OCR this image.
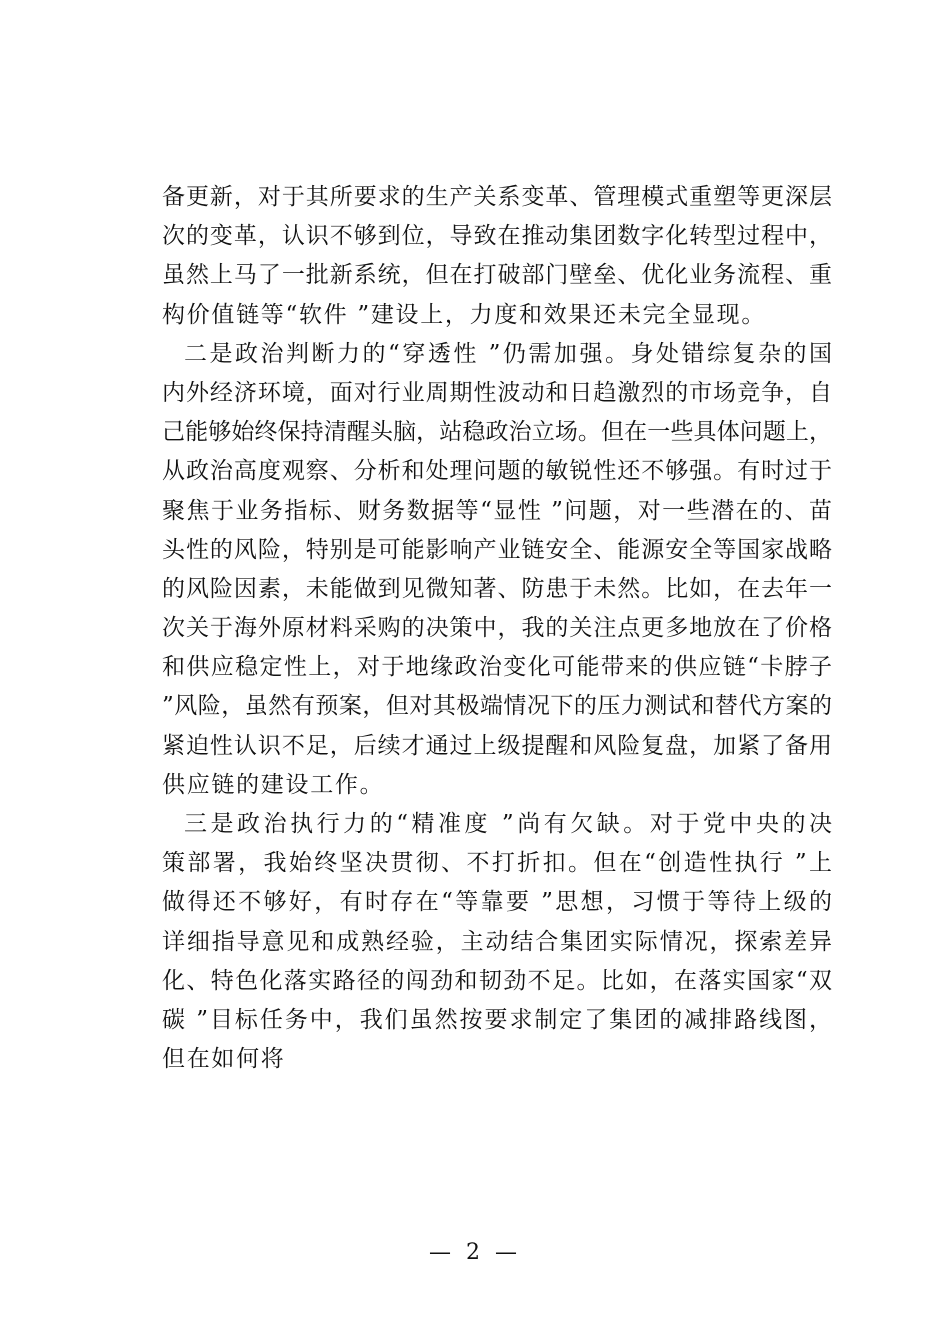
备更新，对于其所要求的生产关系变革、管理模式重塑等更深层
次的变革，认识不够到位，导致在推动集团数字化转型过程中，
虽然上马了一批新系统，但在打破部门壁垒、优化业务流程、重
构价值链等“软件 ”建设上，力度和效果还未完全显现。
二是政治判断力的“穿透性 ”仍需加强。身处错综复杂的国
内外经济环境，面对行业周期性波动和日趋激烈的市场竞争，自
己能够始终保持清醒头脑，站稳政治立场。但在一些具体问题上，
从政治高度观察、分析和处理问题的敏锐性还不够强。有时过于
聚焦于业务指标、财务数据等“显性 ”问题，对一些潜在的、苗
头性的风险，特别是可能影响产业链安全、能源安全等国家战略
的风险因素，未能做到见微知著、防患于未然。比如，在去年一
次关于海外原材料采购的决策中，我的关注点更多地放在了价格
和供应稳定性上，对于地缘政治变化可能带来的供应链“卡脖子
”风险，虽然有预案，但对其极端情况下的压力测试和替代方案的
紧迫性认识不足，后续才通过上级提醒和风险复盘，加紧了备用
供应链的建设工作。
三是政治执行力的“精准度 ”尚有欠缺。对于党中央的决
策部署，我始终坚决贯彻、不打折扣。但在“创造性执行 ”上
做得还不够好，有时存在“等靠要 ”思想，习惯于等待上级的
详细指导意见和成熟经验，主动结合集团实际情况，探索差异
化、特色化落实路径的闯劲和韧劲不足。比如，在落实国家“双
碳 ”目标任务中，我们虽然按要求制定了集团的减排路线图，
但在如何将
— 2 —
